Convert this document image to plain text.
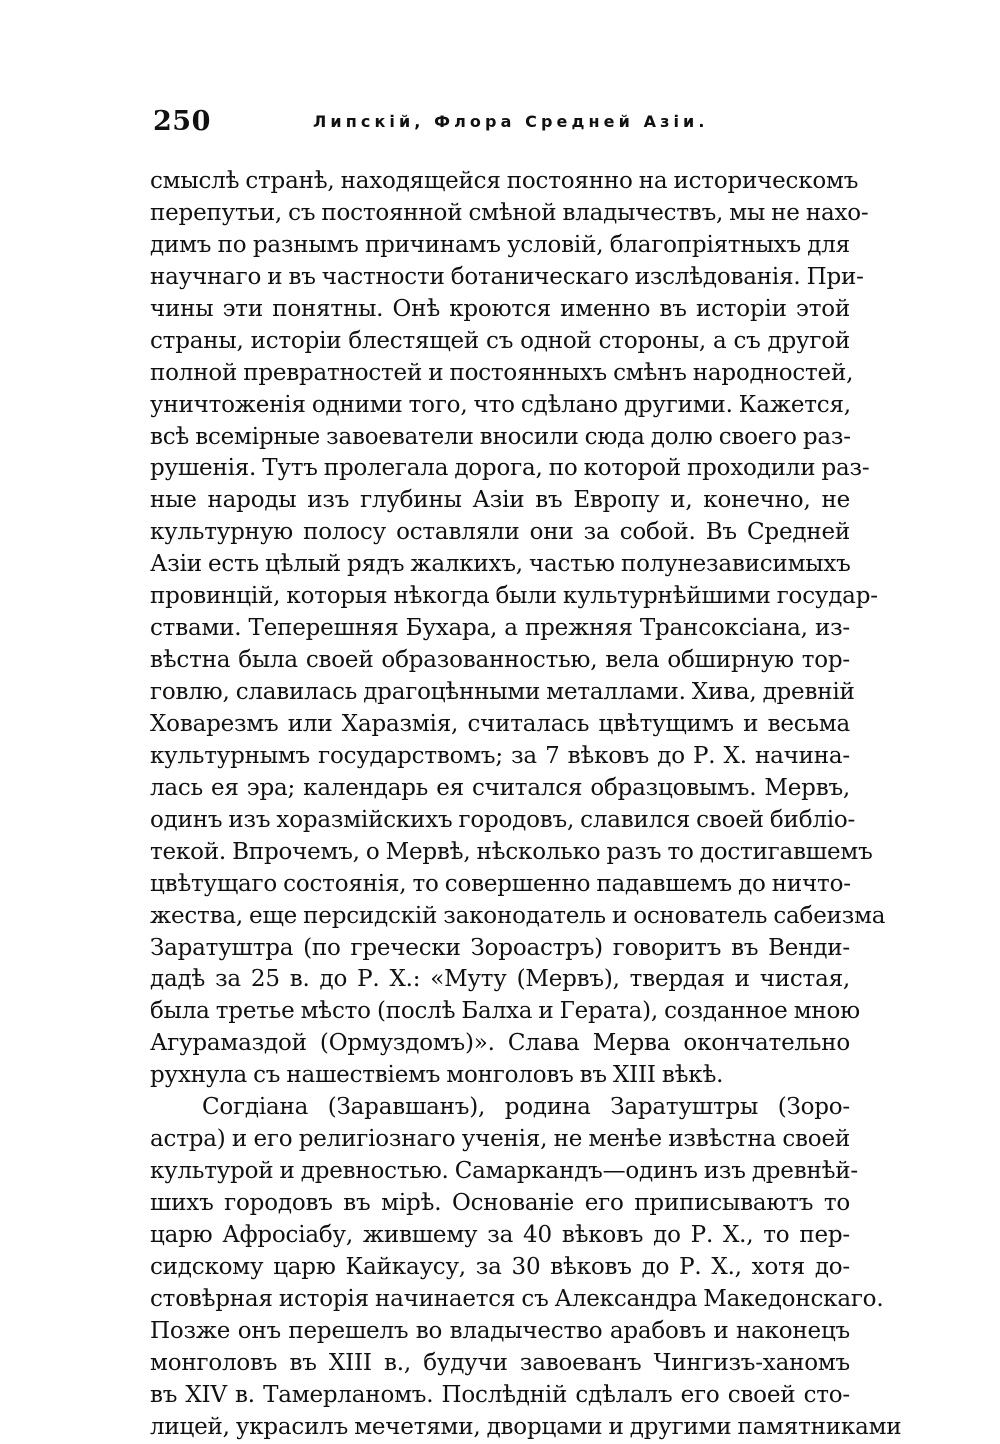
250	Липскій, Флора Средней Азіи.
смыслѣ странѣ, находящейся постоянно на историческомъ
перепутьи, съ постоянной смѣной владычествъ, мы не нахо-
димъ по разнымъ причинамъ условій, благопріятныхъ для
научнаго и въ частности ботаническаго изслѣдованія. При-
чины эти понятны. Онѣ кроются именно въ исторіи этой
страны, исторіи блестящей съ одной стороны, а съ другой
полной превратностей и постоянныхъ смѣнъ народностей,
уничтоженія одними того, что сдѣлано другими. Кажется,
всѣ всемірные завоеватели вносили сюда долю своего раз-
рушенія. Тутъ пролегала дорога, по которой проходили раз-
ные народы изъ глубины Азіи въ Европу и, конечно, не
культурную полосу оставляли они за собой. Въ Средней
Азіи есть цѣлый рядъ жалкихъ, частью полунезависимыхъ
провинцій, которыя нѣкогда были культурнѣйшими государ-
ствами. Теперешняя Бухара, а прежняя Трансоксіана, из-
вѣстна была своей образованностью, вела обширную тор-
говлю, славилась драгоцѣнными металлами. Хива, древній
Ховарезмъ или Харазмія, считалась цвѣтущимъ и весьма
культурнымъ государствомъ; за 7 вѣковъ до Р. Х. начина-
лась ея эра; календарь ея считался образцовымъ. Мервъ,
одинъ изъ хоразмійскихъ городовъ, славился своей библіо-
текой. Впрочемъ, о Мервѣ, нѣсколько разъ то достигавшемъ
цвѣтущаго состоянія, то совершенно падавшемъ до ничто-
жества, еще персидскій законодатель и основатель сабеизма
Заратуштра (по гречески Зороастръ) говоритъ въ Венди-
дадѣ за 25 в. до Р. Х.: «Муту (Мервъ), твердая и чистая,
была третье мѣсто (послѣ Балха и Герата), созданное мною
Агурамаздой (Ормуздомъ)». Слава Мерва окончательно
рухнула съ нашествіемъ монголовъ въ XIII вѣкѣ.
Согдіана (Заравшанъ), родина Заратуштры (Зоро-
астра) и его религіознаго ученія, не менѣе извѣстна своей
культурой и древностью. Самаркандъ—одинъ изъ древнѣй-
шихъ городовъ въ мірѣ. Основаніе его приписываютъ то
царю Афросіабу, жившему за 40 вѣковъ до Р. Х., то пер-
сидскому царю Кайкаусу, за 30 вѣковъ до Р. Х., хотя до-
стовѣрная исторія начинается съ Александра Македонскаго.
Позже онъ перешелъ во владычество арабовъ и наконецъ
монголовъ въ XIII в., будучи завоеванъ Чингизъ-ханомъ
въ XIV в. Тамерланомъ. Послѣдній сдѣлалъ его своей сто-
лицей, украсилъ мечетями, дворцами и другими памятниками
